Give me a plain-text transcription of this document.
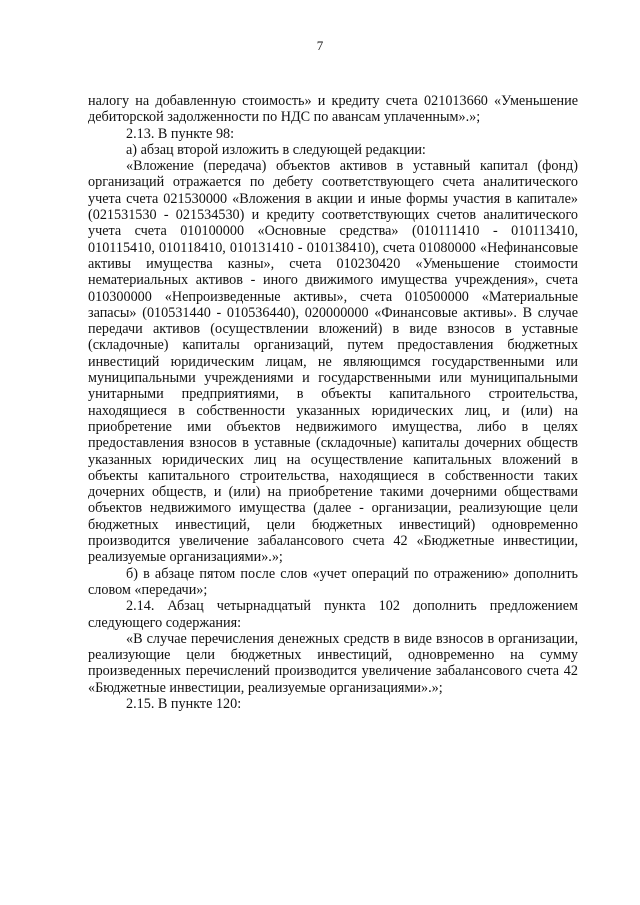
7

налогу на добавленную стоимость» и кредиту счета 021013660 «Уменьшение дебиторской задолженности по НДС по авансам уплаченным».»;

2.13. В пункте 98:

а) абзац второй изложить в следующей редакции:

«Вложение (передача) объектов активов в уставный капитал (фонд) организаций отражается по дебету соответствующего счета аналитического учета счета 021530000 «Вложения в акции и иные формы участия в капитале» (021531530 - 021534530) и кредиту соответствующих счетов аналитического учета счета 010100000 «Основные средства» (010111410 - 010113410, 010115410, 010118410, 010131410 - 010138410), счета 01080000 «Нефинансовые активы имущества казны», счета 010230420 «Уменьшение стоимости нематериальных активов - иного движимого имущества учреждения», счета 010300000 «Непроизведенные активы», счета 010500000 «Материальные запасы» (010531440 - 010536440), 020000000 «Финансовые активы». В случае передачи активов (осуществлении вложений) в виде взносов в уставные (складочные) капиталы организаций, путем предоставления бюджетных инвестиций юридическим лицам, не являющимся государственными или муниципальными учреждениями и государственными или муниципальными унитарными предприятиями, в объекты капитального строительства, находящиеся в собственности указанных юридических лиц, и (или) на приобретение ими объектов недвижимого имущества, либо в целях предоставления взносов в уставные (складочные) капиталы дочерних обществ указанных юридических лиц на осуществление капитальных вложений в объекты капитального строительства, находящиеся в собственности таких дочерних обществ, и (или) на приобретение такими дочерними обществами объектов недвижимого имущества (далее - организации, реализующие цели бюджетных инвестиций, цели бюджетных инвестиций) одновременно производится увеличение забалансового счета 42 «Бюджетные инвестиции, реализуемые организациями».»;

б) в абзаце пятом после слов «учет операций по отражению» дополнить словом «передачи»;

2.14. Абзац четырнадцатый пункта 102 дополнить предложением следующего содержания:

«В случае перечисления денежных средств в виде взносов в организации, реализующие цели бюджетных инвестиций, одновременно на сумму произведенных перечислений производится увеличение забалансового счета 42 «Бюджетные инвестиции, реализуемые организациями».»;

2.15. В пункте 120:
